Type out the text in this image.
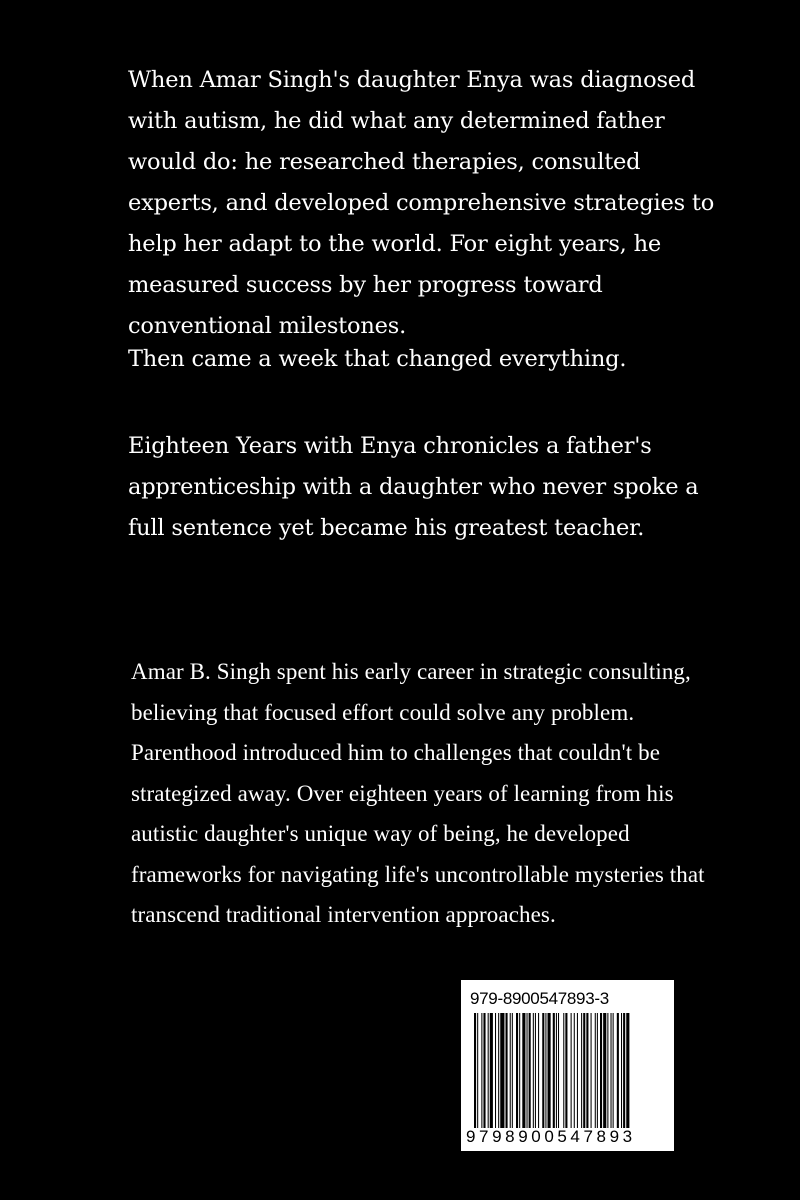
When Amar Singh's daughter Enya was diagnosed with autism, he did what any determined father would do: he researched therapies, consulted experts, and developed comprehensive strategies to help her adapt to the world. For eight years, he measured success by her progress toward conventional milestones.

Then came a week that changed everything.

Eighteen Years with Enya chronicles a father's apprenticeship with a daughter who never spoke a full sentence yet became his greatest teacher.

Amar B. Singh spent his early career in strategic consulting, believing that focused effort could solve any problem. Parenthood introduced him to challenges that couldn't be strategized away. Over eighteen years of learning from his autistic daughter's unique way of being, he developed frameworks for navigating life's uncontrollable mysteries that transcend traditional intervention approaches.

979-8900547893-3
9798900547893
